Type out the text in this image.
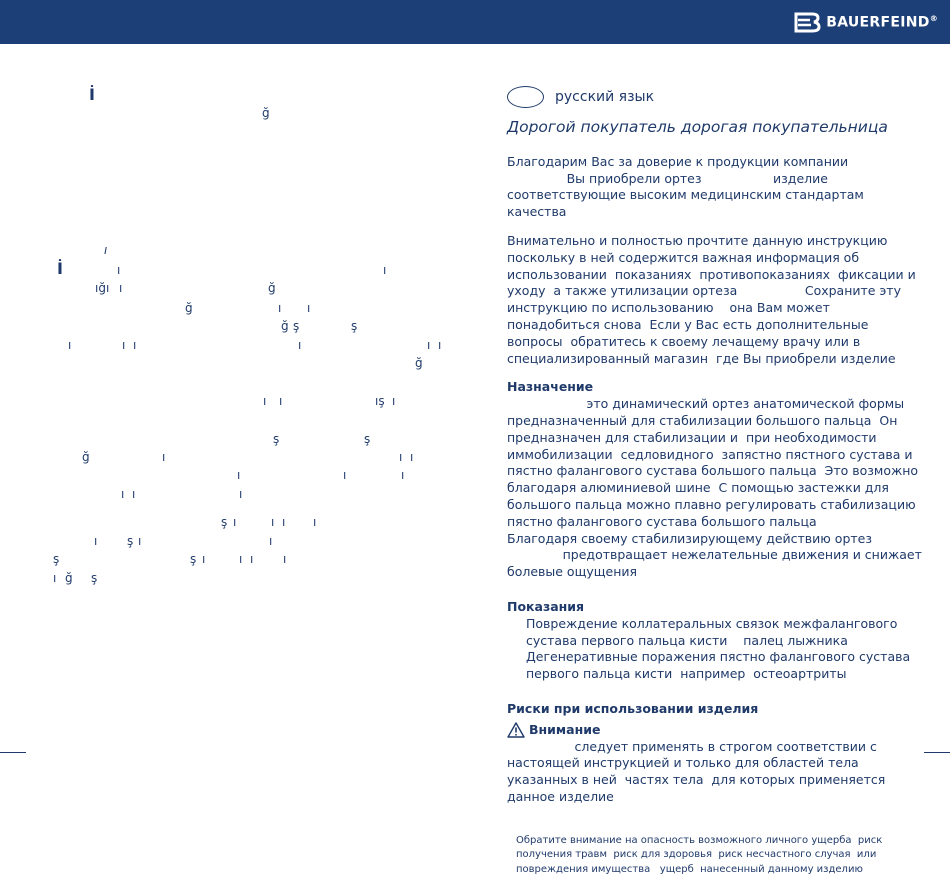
BAUERFEIND®
İ
ğ
ı
İ	ı	ı
ığı ı	ğ
ğ	ı ı
ğ ş	ş
ı	ı ı	ı	ı ı
ğ
ı ı	ış ı
ş	ş
ğ	ı	ı ı
ı	ı	ı
ı ı	ı
ş ı	ı ı ı
ı ş ı	ı
ş	ş ı	ı ı ı
ı ğ ş
русский язык
Дорогой покупатель дорогая покупательница

Благодарим Вас за доверие к продукции компании

Вы приобрели ортез                  изделие

соответствующие высоким медицинским стандартам

качества

Внимательно и полностью прочтите данную инструкцию

поскольку в ней содержится важная информация об

использовании  показаниях  противопоказаниях  фиксации и

уходу  а также утилизации ортеза                 Сохраните эту

инструкцию по использованию    она Вам может

понадобиться снова  Если у Вас есть дополнительные

вопросы  обратитесь к своему лечащему врачу или в

специализированный магазин  где Вы приобрели изделие

Назначение

это динамический ортез анатомической формы

предназначенный для стабилизации большого пальца  Он

предназначен для стабилизации и  при необходимости

иммобилизации  седловидного  запястно пястного сустава и

пястно фалангового сустава большого пальца  Это возможно

благодаря алюминиевой шине  С помощью застежки для

большого пальца можно плавно регулировать стабилизацию

пястно фалангового сустава большого пальца

Благодаря своему стабилизирующему действию ортез

предотвращает нежелательные движения и снижает

болевые ощущения

Показания

Повреждение коллатеральных связок межфалангового

сустава первого пальца кисти    палец лыжника

Дегенеративные поражения пястно фалангового сустава

первого пальца кисти  например  остеоартриты

Риски при использовании изделия

Внимание

следует применять в строгом соответствии с

настоящей инструкцией и только для областей тела

указанных в ней  частях тела  для которых применяется

данное изделие

Обратите внимание на опасность возможного личного ущерба  риск

получения травм  риск для здоровья  риск несчастного случая  или

повреждения имущества   ущерб  нанесенный данному изделию
